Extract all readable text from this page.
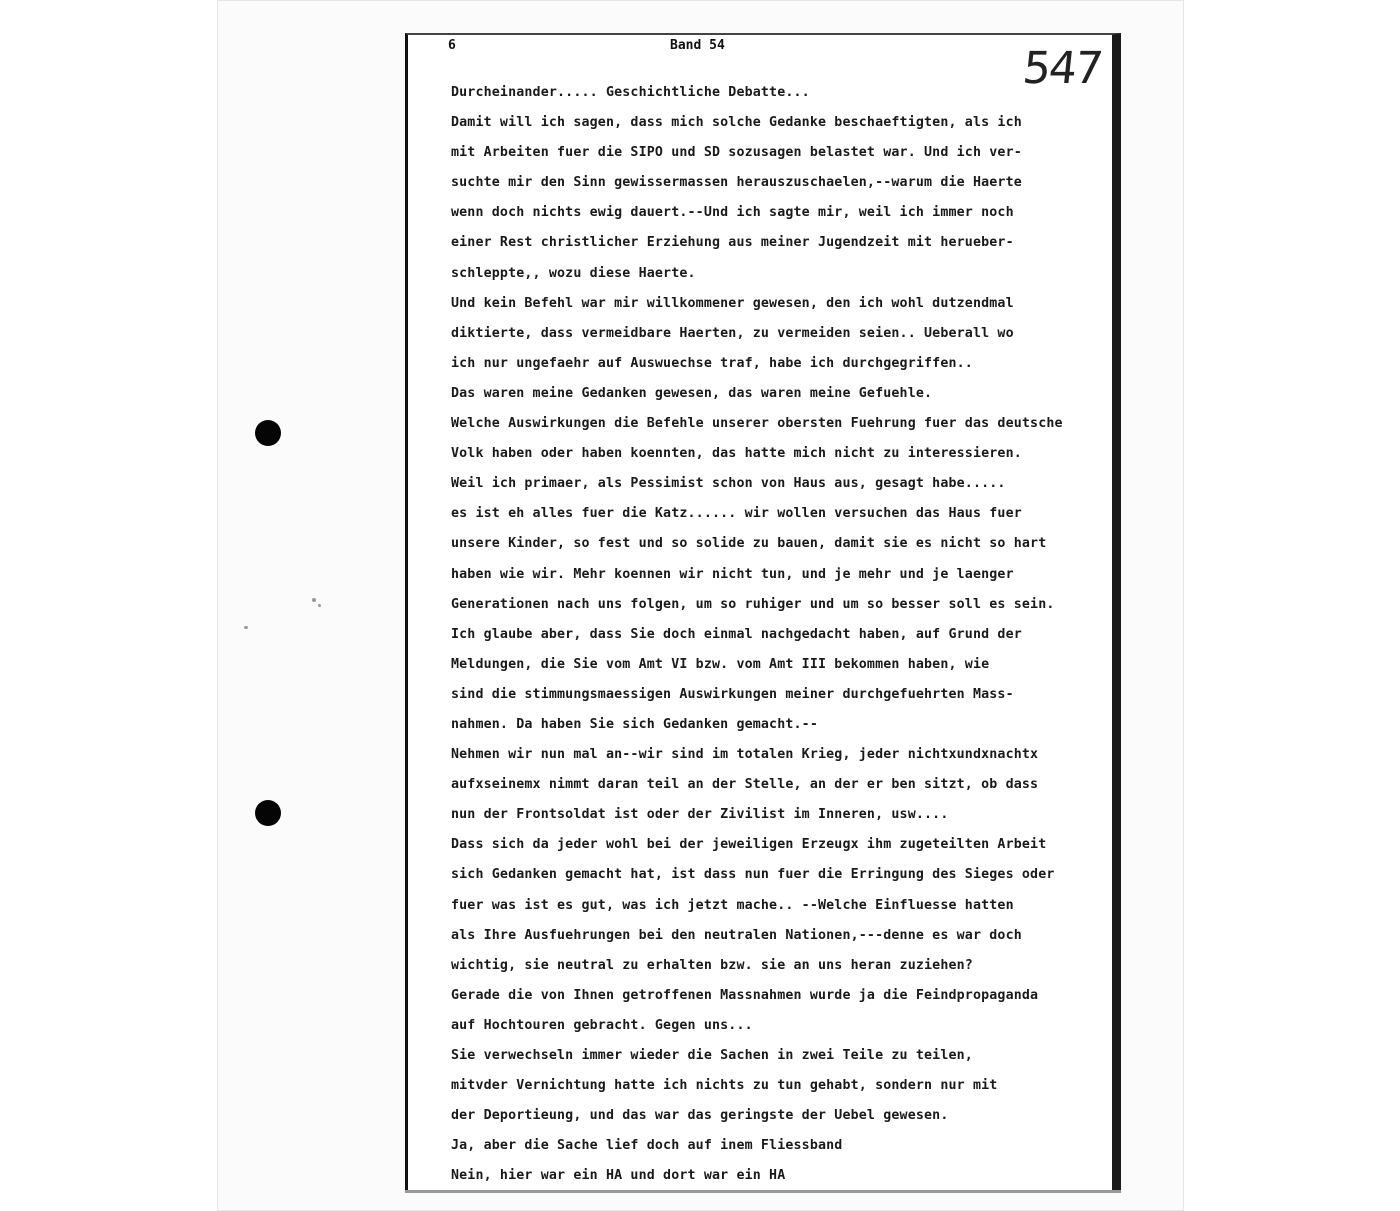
6	Band 54	547
Durcheinander..... Geschichtliche Debatte...
Damit will ich sagen, dass mich solche Gedanke beschaeftigten, als ich
mit Arbeiten fuer die SIPO und SD sozusagen belastet war. Und ich ver-
suchte mir den Sinn gewissermassen herauszuschaelen,--warum die Haerte
wenn doch nichts ewig dauert.--Und ich sagte mir, weil ich immer noch
einer Rest christlicher Erziehung aus meiner Jugendzeit mit herueber-
schleppte,, wozu diese Haerte.
Und kein Befehl war mir willkommener gewesen, den ich wohl dutzendmal
diktierte, dass vermeidbare Haerten, zu vermeiden seien.. Ueberall wo
ich nur ungefaehr auf Auswuechse traf, habe ich durchgegriffen..
Das waren meine Gedanken gewesen, das waren meine Gefuehle.
Welche Auswirkungen die Befehle unserer obersten Fuehrung fuer das deutsche
Volk haben oder haben koennten, das hatte mich nicht zu interessieren.
Weil ich primaer, als Pessimist schon von Haus aus, gesagt habe.....
es ist eh alles fuer die Katz...... wir wollen versuchen das Haus fuer
unsere Kinder, so fest und so solide zu bauen, damit sie es nicht so hart
haben wie wir. Mehr koennen wir nicht tun, und je mehr und je laenger
Generationen nach uns folgen, um so ruhiger und um so besser soll es sein.
Ich glaube aber, dass Sie doch einmal nachgedacht haben, auf Grund der
Meldungen, die Sie vom Amt VI bzw. vom Amt III bekommen haben, wie
sind die stimmungsmaessigen Auswirkungen meiner durchgefuehrten Mass-
nahmen. Da haben Sie sich Gedanken gemacht.--
Nehmen wir nun mal an--wir sind im totalen Krieg, jeder nichtxundxnachtx
aufxseinemx nimmt daran teil an der Stelle, an der er ben sitzt, ob dass
nun der Frontsoldat ist oder der Zivilist im Inneren, usw....
Dass sich da jeder wohl bei der jeweiligen Erzeugx ihm zugeteilten Arbeit
sich Gedanken gemacht hat, ist dass nun fuer die Erringung des Sieges oder
fuer was ist es gut, was ich jetzt mache.. --Welche Einfluesse hatten
als Ihre Ausfuehrungen bei den neutralen Nationen,---denne es war doch
wichtig, sie neutral zu erhalten bzw. sie an uns heran zuziehen?
Gerade die von Ihnen getroffenen Massnahmen wurde ja die Feindpropaganda
auf Hochtouren gebracht. Gegen uns...
Sie verwechseln immer wieder die Sachen in zwei Teile zu teilen,
mitvder Vernichtung hatte ich nichts zu tun gehabt, sondern nur mit
der Deportieung, und das war das geringste der Uebel gewesen.
Ja, aber die Sache lief doch auf inem Fliessband
Nein, hier war ein HA und dort war ein HA
